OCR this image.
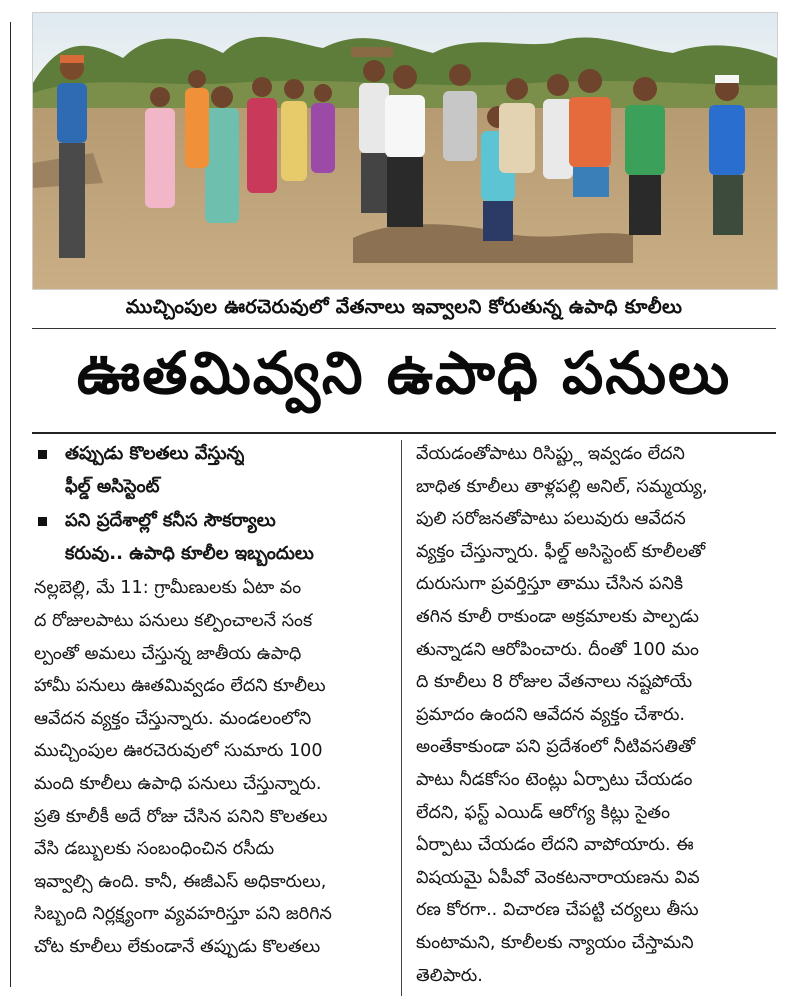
ముచ్చింపుల ఊరచెరువులో వేతనాలు ఇవ్వాలని కోరుతున్న ఉపాధి కూలీలు
ఊతమివ్వని ఉపాధి పనులు
తప్పుడు కొలతలు వేస్తున్న
ఫీల్డ్ అసిస్టెంట్
పని ప్రదేశాల్లో కనీస సౌకర్యాలు
కరువు.. ఉపాధి కూలీల ఇబ్బందులు
నల్లబెల్లి, మే 11: గ్రామీణులకు ఏటా వం
ద రోజులపాటు పనులు కల్పించాలనే సంక
ల్పంతో అమలు చేస్తున్న జాతీయ ఉపాధి
హామీ పనులు ఊతమివ్వడం లేదని కూలీలు
ఆవేదన వ్యక్తం చేస్తున్నారు. మండలంలోని
ముచ్చింపుల ఊరచెరువులో సుమారు 100
మంది కూలీలు ఉపాధి పనులు చేస్తున్నారు.
ప్రతి కూలీకీ అదే రోజు చేసిన పనిని కొలతలు
వేసి డబ్బులకు సంబంధించిన రసీదు
ఇవ్వాల్సి ఉంది. కానీ, ఈజీఎస్ అధికారులు,
సిబ్బంది నిర్లక్ష్యంగా వ్యవహరిస్తూ పని జరిగిన
చోట కూలీలు లేకుండానే తప్పుడు కొలతలు
వేయడంతోపాటు రిసిప్ట్లు ఇవ్వడం లేదని
బాధిత కూలీలు తాళ్లపల్లి అనిల్, సమ్మయ్య,
పులి సరోజనతోపాటు పలువురు ఆవేదన
వ్యక్తం చేస్తున్నారు. ఫీల్డ్ అసిస్టెంట్ కూలీలతో
దురుసుగా ప్రవర్తిస్తూ తాము చేసిన పనికి
తగిన కూలీ రాకుండా అక్రమాలకు పాల్పడు
తున్నాడని ఆరోపించారు. దీంతో 100 మం
ది కూలీలు 8 రోజుల వేతనాలు నష్టపోయే
ప్రమాదం ఉందని ఆవేదన వ్యక్తం చేశారు.
అంతేకాకుండా పని ప్రదేశంలో నీటివసతితో
పాటు నీడకోసం టెంట్లు ఏర్పాటు చేయడం
లేదని, ఫస్ట్ ఎయిడ్ ఆరోగ్య కిట్లు సైతం
ఏర్పాటు చేయడం లేదని వాపోయారు. ఈ
విషయమై ఏపీవో వెంకటనారాయణను వివ
రణ కోరగా.. విచారణ చేపట్టి చర్యలు తీసు
కుంటామని, కూలీలకు న్యాయం చేస్తామని
తెలిపారు.
